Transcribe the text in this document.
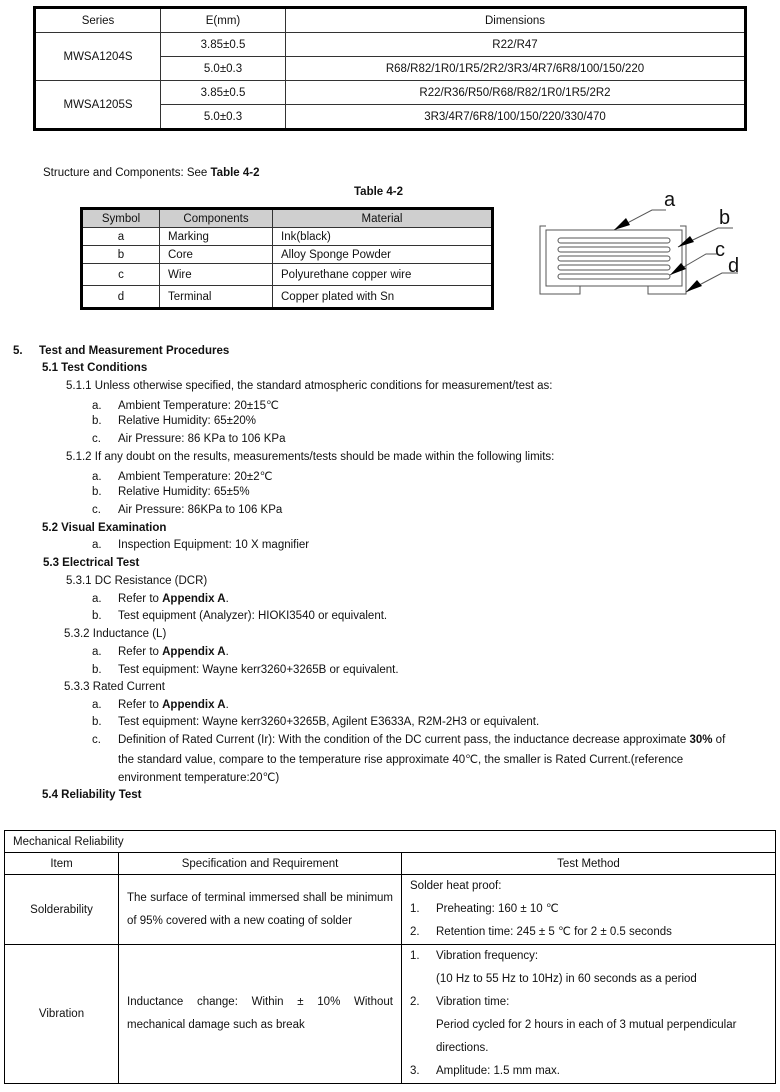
Series	E(mm)	Dimensions
MWSA1204S	3.85±0.5	R22/R47
	5.0±0.3	R68/R82/1R0/1R5/2R2/3R3/4R7/6R8/100/150/220
MWSA1205S	3.85±0.5	R22/R36/R50/R68/R82/1R0/1R5/2R2
	5.0±0.3	3R3/4R7/6R8/100/150/220/330/470
Structure and Components: See Table 4-2
Table 4-2
Symbol	Components	Material
a	Marking	Ink(black)
b	Core	Alloy Sponge Powder
c	Wire	Polyurethane copper wire
d	Terminal	Copper plated with Sn
a
b
c
d
5. Test and Measurement Procedures
5.1 Test Conditions
5.1.1 Unless otherwise specified, the standard atmospheric conditions for measurement/test as:
a. Ambient Temperature: 20±15℃
b. Relative Humidity: 65±20%
c. Air Pressure: 86 KPa to 106 KPa
5.1.2 If any doubt on the results, measurements/tests should be made within the following limits:
a. Ambient Temperature: 20±2℃
b. Relative Humidity: 65±5%
c. Air Pressure: 86KPa to 106 KPa
5.2 Visual Examination
a. Inspection Equipment: 10 X magnifier
5.3 Electrical Test
5.3.1 DC Resistance (DCR)
a. Refer to Appendix A.
b. Test equipment (Analyzer): HIOKI3540 or equivalent.
5.3.2 Inductance (L)
a. Refer to Appendix A.
b. Test equipment: Wayne kerr3260+3265B or equivalent.
5.3.3 Rated Current
a. Refer to Appendix A.
b. Test equipment: Wayne kerr3260+3265B, Agilent E3633A, R2M-2H3 or equivalent.
c. Definition of Rated Current (Ir): With the condition of the DC current pass, the inductance decrease approximate 30% of
the standard value, compare to the temperature rise approximate 40℃, the smaller is Rated Current.(reference
environment temperature:20℃)
5.4 Reliability Test
Mechanical Reliability		
Item	Specification and Requirement	Test Method
Solderability	The surface of terminal immersed shall be minimum of 95% covered with a new coating of solder	Solder heat proof:
1. Preheating: 160 ± 10 ℃
2. Retention time: 245 ± 5 ℃ for 2 ± 0.5 seconds

Vibration	Inductance change: Within ± 10% Without mechanical damage such as break	1. Vibration frequency:
(10 Hz to 55 Hz to 10Hz) in 60 seconds as a period
2. Vibration time:
Period cycled for 2 hours in each of 3 mutual perpendicular directions.
3. Amplitude: 1.5 mm max.
